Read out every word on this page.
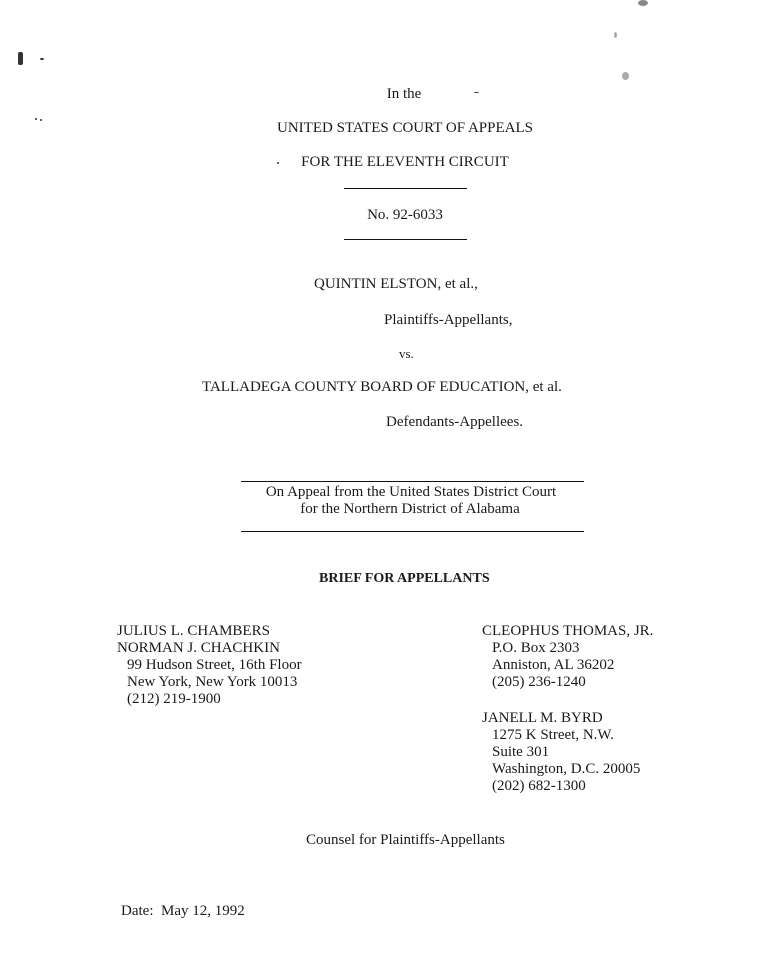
In the
UNITED STATES COURT OF APPEALS
FOR THE ELEVENTH CIRCUIT
No. 92-6033
QUINTIN ELSTON, et al.,
Plaintiffs-Appellants,
vs.
TALLADEGA COUNTY BOARD OF EDUCATION, et al.
Defendants-Appellees.
On Appeal from the United States District Court
for the Northern District of Alabama
BRIEF FOR APPELLANTS
JULIUS L. CHAMBERS
NORMAN J. CHACHKIN
99 Hudson Street, 16th Floor
New York, New York 10013
(212) 219-1900
CLEOPHUS THOMAS, JR.
P.O. Box 2303
Anniston, AL 36202
(205) 236-1240
JANELL M. BYRD
1275 K Street, N.W.
Suite 301
Washington, D.C. 20005
(202) 682-1300
Counsel for Plaintiffs-Appellants
Date:  May 12, 1992
